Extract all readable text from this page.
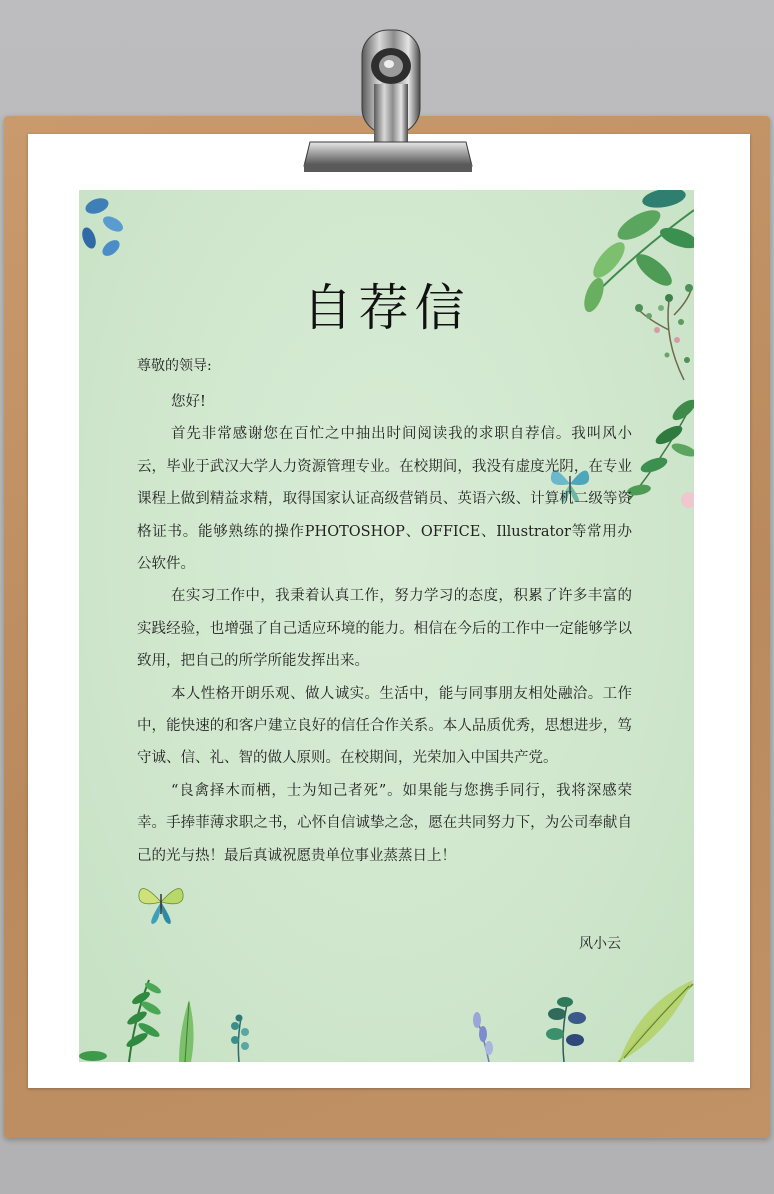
自荐信
尊敬的领导:

您好!

首先非常感谢您在百忙之中抽出时间阅读我的求职自荐信。我叫风小云，毕业于武汉大学人力资源管理专业。在校期间，我没有虚度光阴，在专业课程上做到精益求精，取得国家认证高级营销员、英语六级、计算机二级等资格证书。能够熟练的操作PHOTOSHOP、OFFICE、Illustrator等常用办公软件。

在实习工作中，我秉着认真工作，努力学习的态度，积累了许多丰富的实践经验，也增强了自己适应环境的能力。相信在今后的工作中一定能够学以致用，把自己的所学所能发挥出来。

本人性格开朗乐观、做人诚实。生活中，能与同事朋友相处融洽。工作中，能快速的和客户建立良好的信任合作关系。本人品质优秀，思想进步，笃守诚、信、礼、智的做人原则。在校期间，光荣加入中国共产党。

“良禽择木而栖，士为知己者死”。如果能与您携手同行，我将深感荣幸。手捧菲薄求职之书，心怀自信诚挚之念，愿在共同努力下，为公司奉献自己的光与热！最后真诚祝愿贵单位事业蒸蒸日上！

风小云
